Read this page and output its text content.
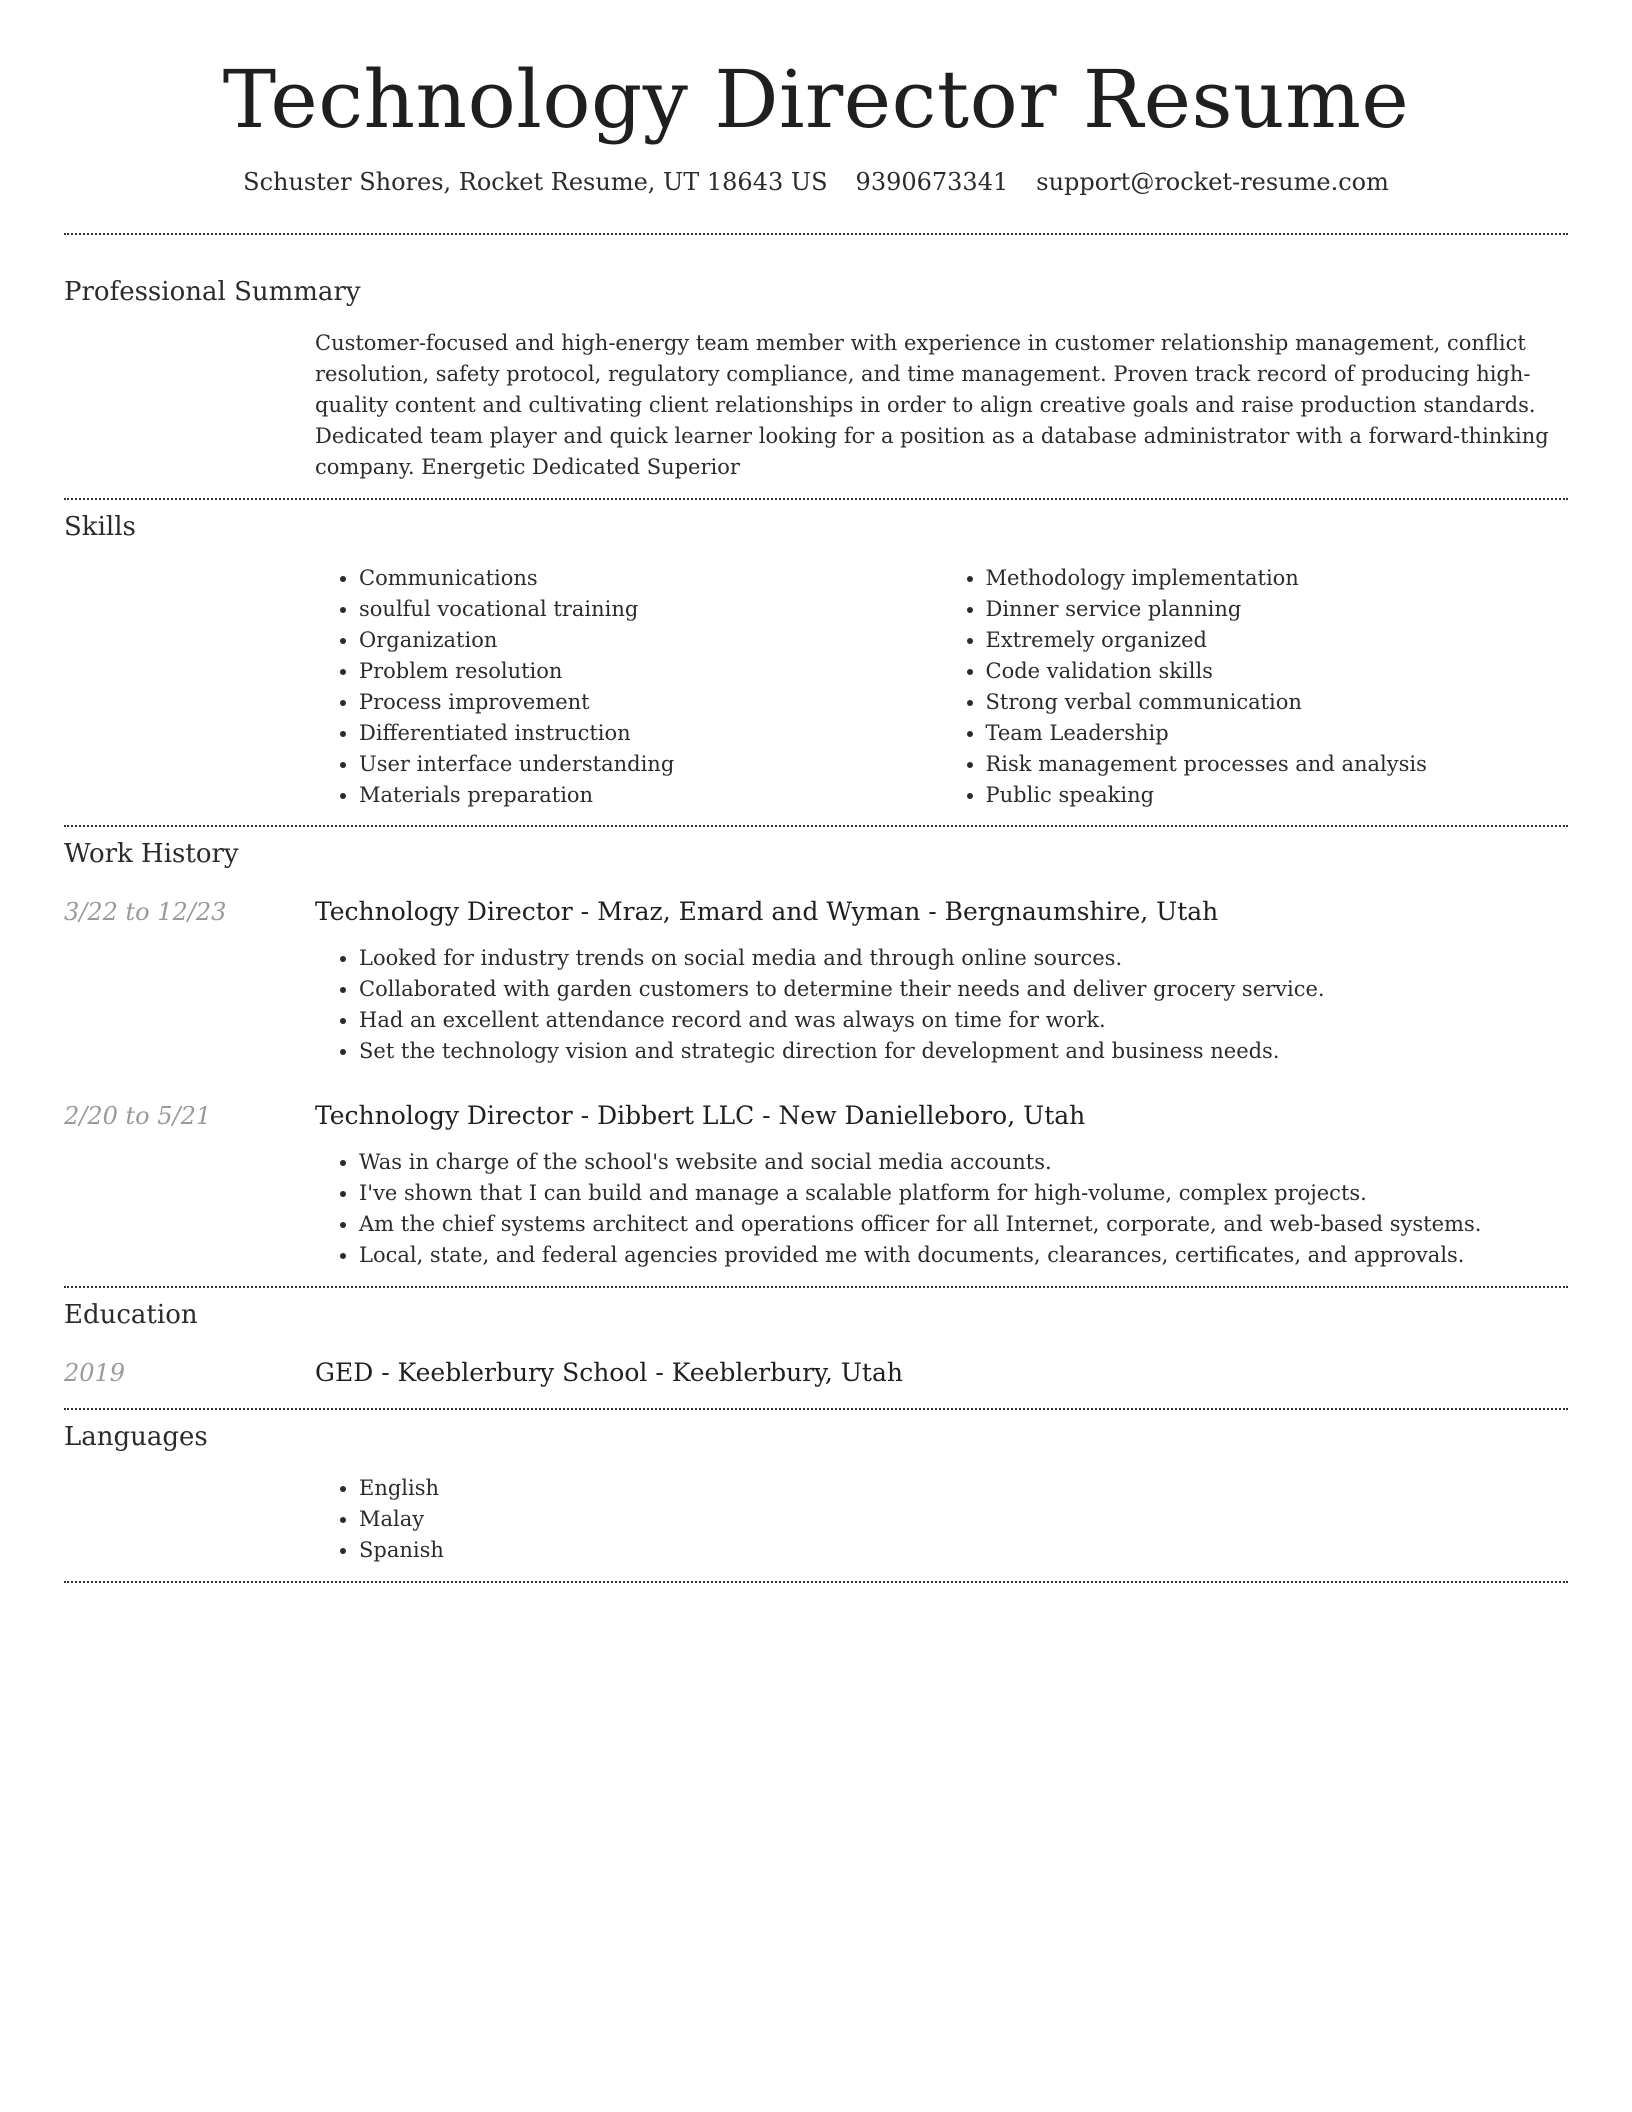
Technology Director Resume
Schuster Shores, Rocket Resume, UT 18643 US 9390673341 support@rocket-resume.com
Professional Summary

Customer-focused and high-energy team member with experience in customer relationship management, conflict resolution, safety protocol, regulatory compliance, and time management. Proven track record of producing high-quality content and cultivating client relationships in order to align creative goals and raise production standards. Dedicated team player and quick learner looking for a position as a database administrator with a forward-thinking company. Energetic Dedicated Superior

Skills
• Communications
• soulful vocational training
• Organization
• Problem resolution
• Process improvement
• Differentiated instruction
• User interface understanding
• Materials preparation
• Methodology implementation
• Dinner service planning
• Extremely organized
• Code validation skills
• Strong verbal communication
• Team Leadership
• Risk management processes and analysis
• Public speaking
Work History
3/22 to 12/23	Technology Director - Mraz, Emard and Wyman - Bergnaumshire, Utah
• Looked for industry trends on social media and through online sources.
• Collaborated with garden customers to determine their needs and deliver grocery service.
• Had an excellent attendance record and was always on time for work.
• Set the technology vision and strategic direction for development and business needs.
2/20 to 5/21	Technology Director - Dibbert LLC - New Danielleboro, Utah
• Was in charge of the school's website and social media accounts.
• I've shown that I can build and manage a scalable platform for high-volume, complex projects.
• Am the chief systems architect and operations officer for all Internet, corporate, and web-based systems.
• Local, state, and federal agencies provided me with documents, clearances, certificates, and approvals.
Education
2019	GED - Keeblerbury School - Keeblerbury, Utah
Languages
• English
• Malay
• Spanish
